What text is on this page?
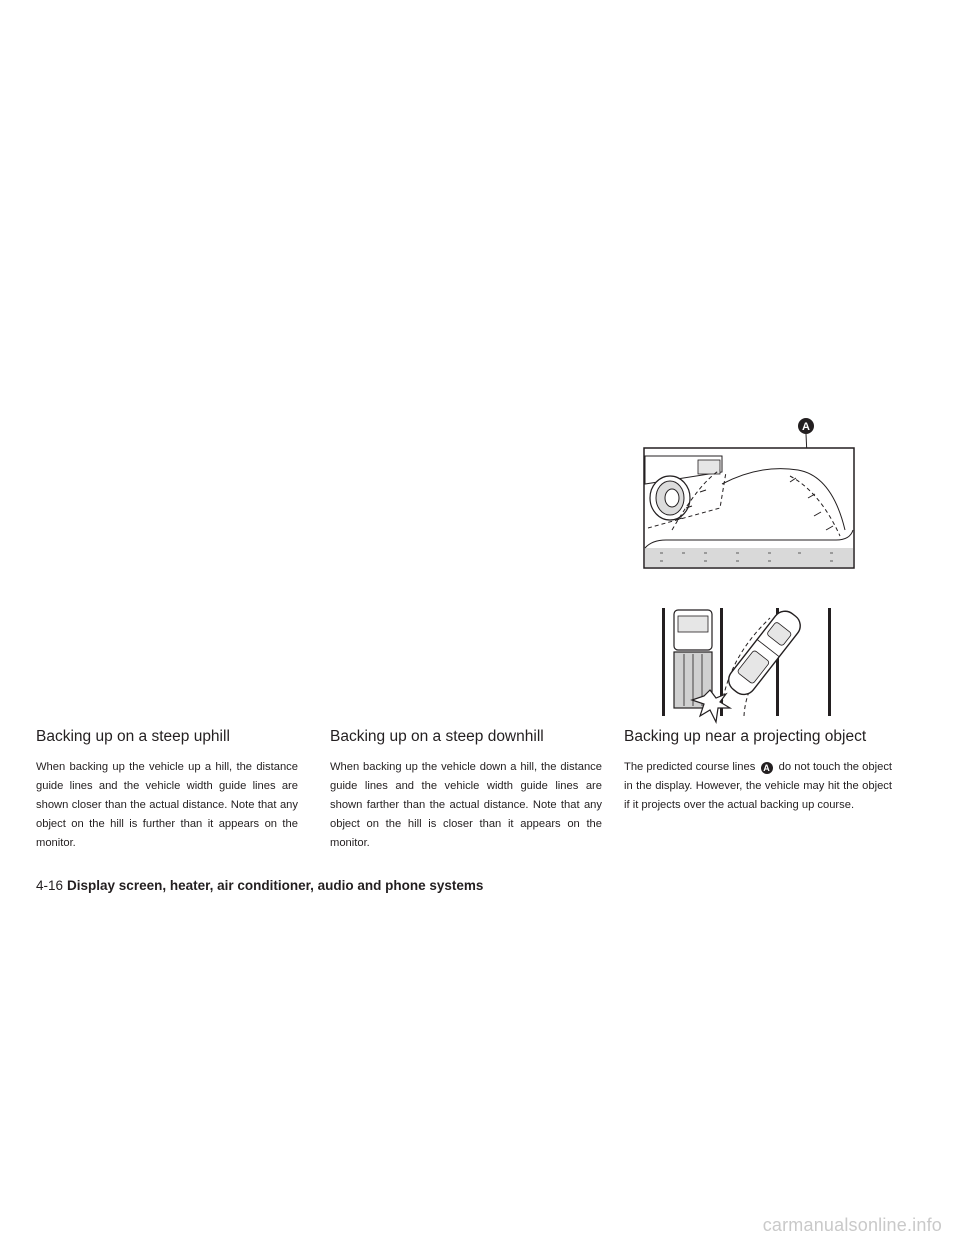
A
Backing up on a steep uphill

When backing up the vehicle up a hill, the distance guide lines and the vehicle width guide lines are shown closer than the actual distance. Note that any object on the hill is further than it appears on the monitor.

Backing up on a steep downhill

When backing up the vehicle down a hill, the distance guide lines and the vehicle width guide lines are shown farther than the actual distance. Note that any object on the hill is closer than it appears on the monitor.

Backing up near a projecting object

The predicted course lines A do not touch the object in the display. However, the vehicle may hit the object if it projects over the actual backing up course.

4-16 Display screen, heater, air conditioner, audio and phone systems
carmanualsonline.info
